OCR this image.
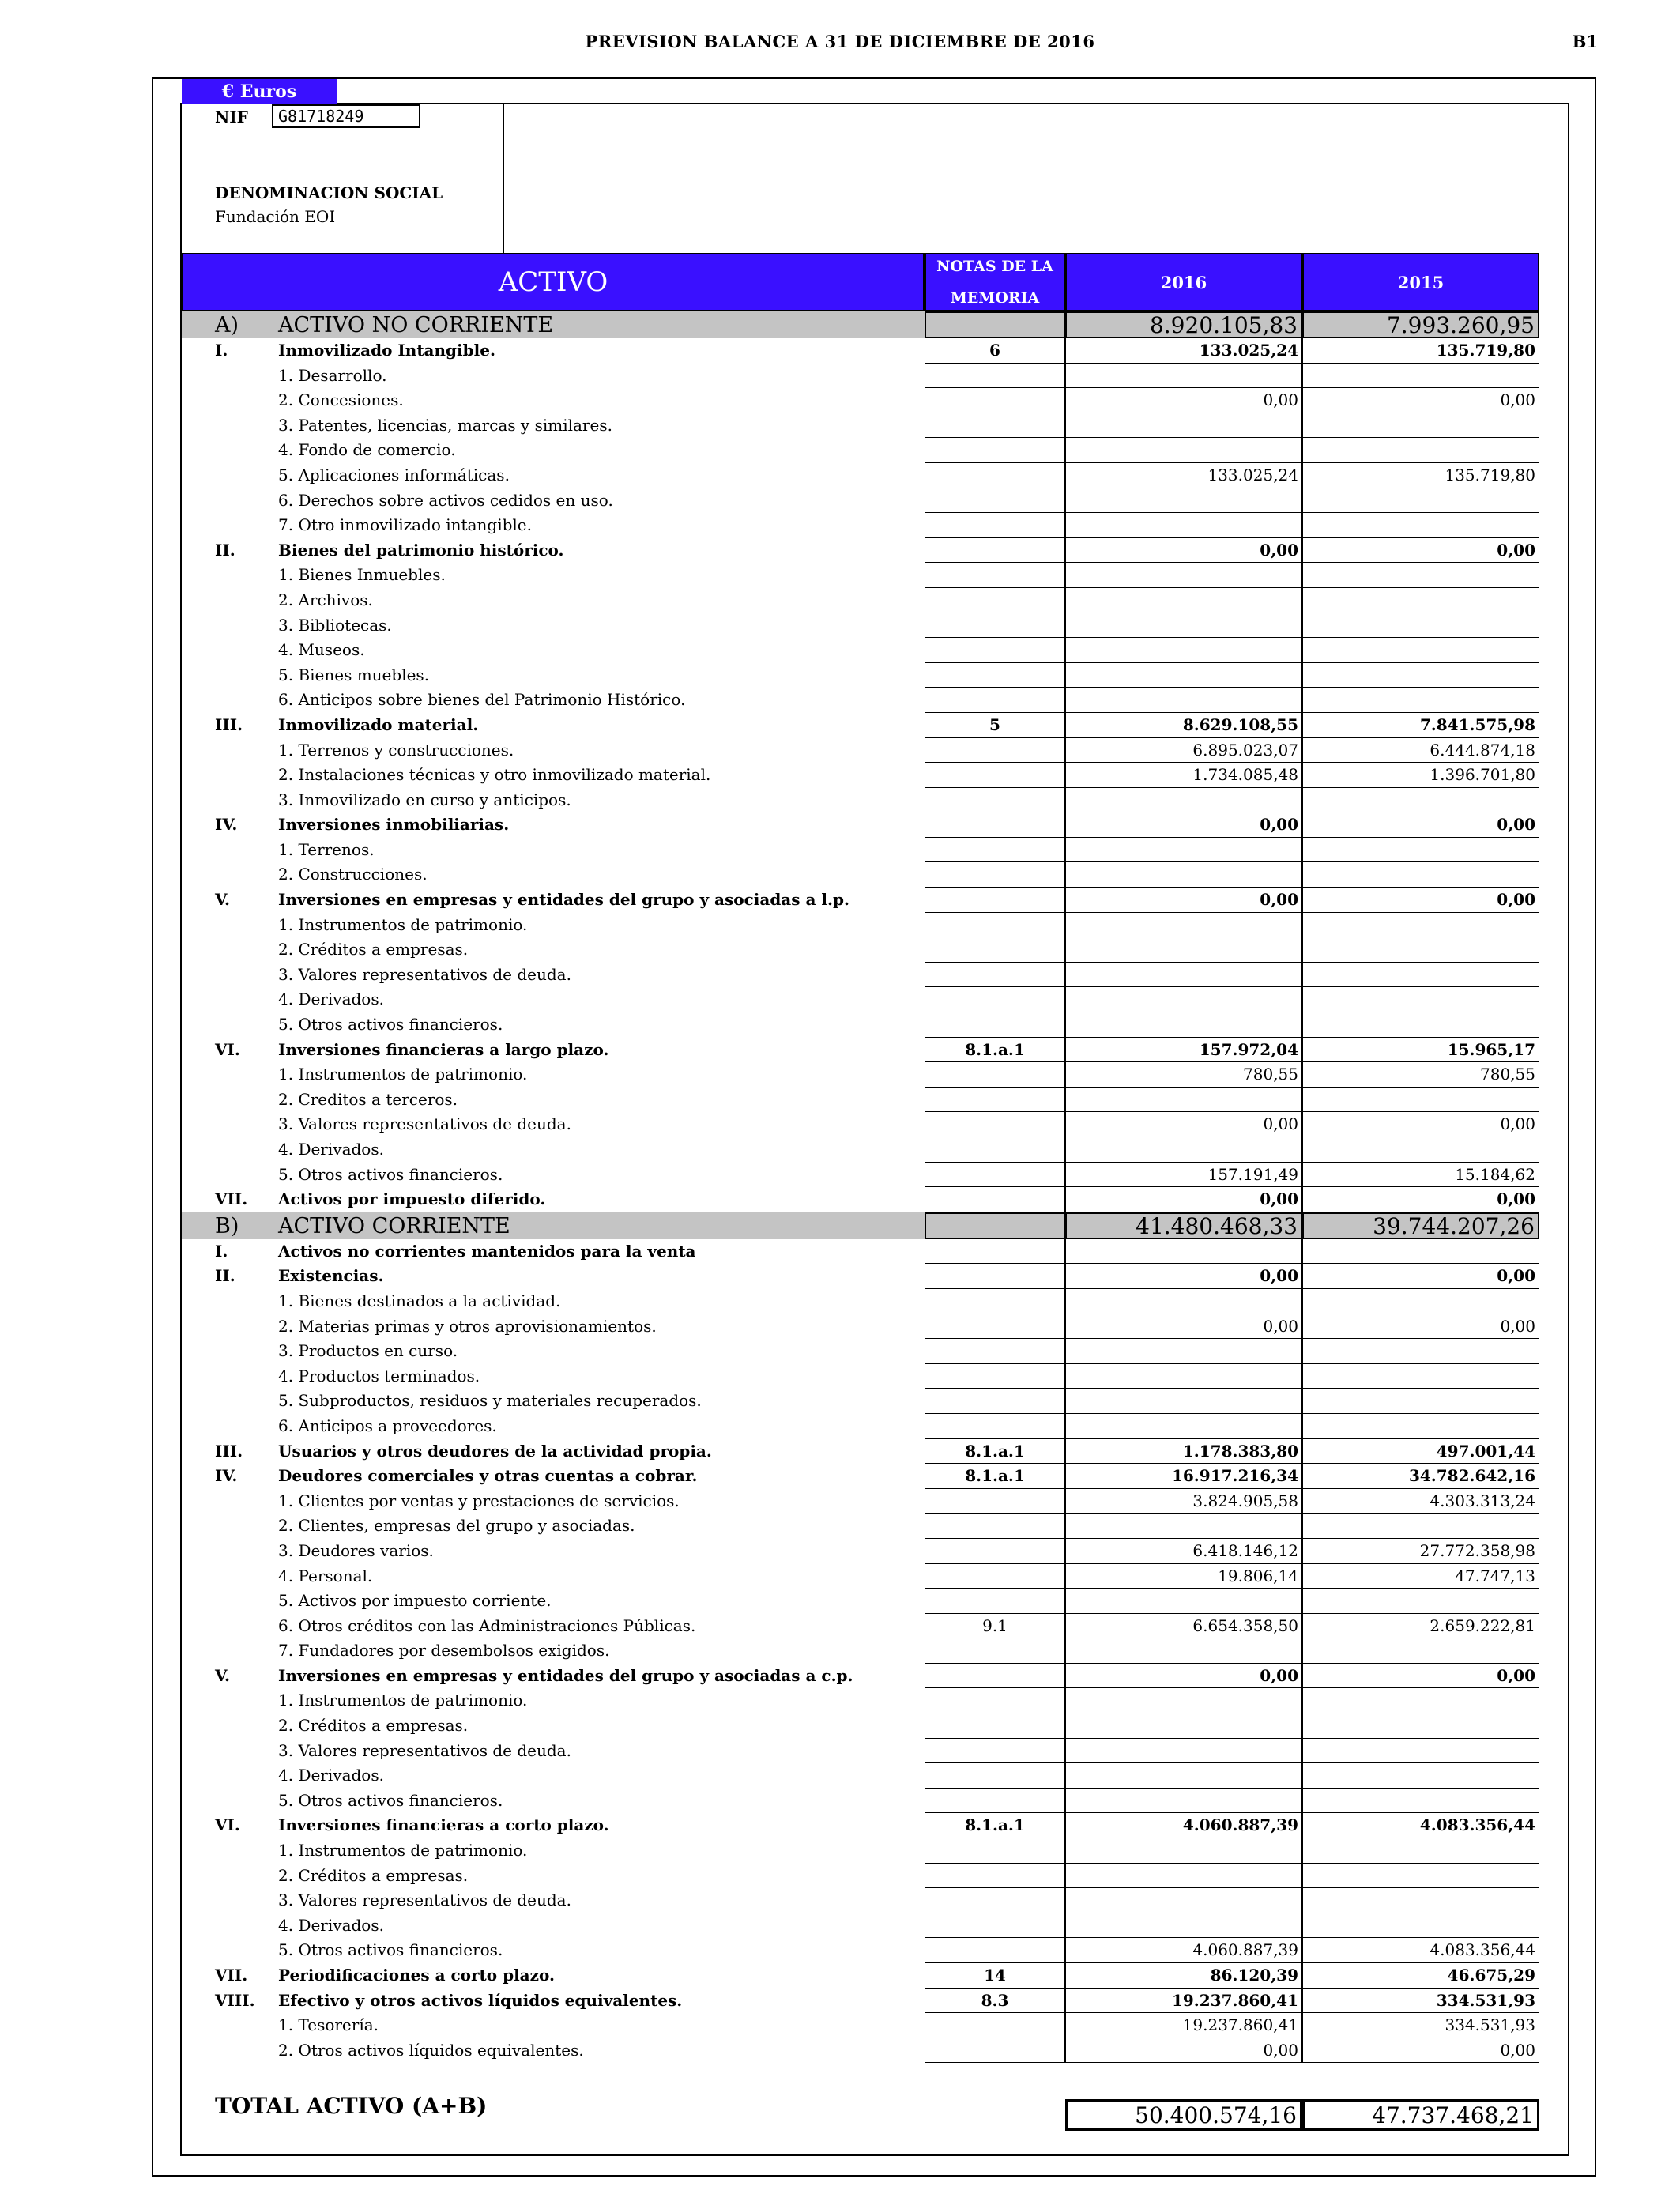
PREVISION BALANCE A 31 DE DICIEMBRE DE 2016	B1
€ Euros
NIF	G81718249
DENOMINACION SOCIAL
Fundación EOI
ACTIVO	NOTAS DE LA MEMORIA
2016	2015
A) ACTIVO NO CORRIENTE	8.920.105,83	7.993.260,95
I.	Inmovilizado Intangible.	6	133.025,24	135.719,80
1. Desarrollo.
2. Concesiones.	0,00	0,00
3. Patentes, licencias, marcas y similares.
4. Fondo de comercio.
5. Aplicaciones informáticas.	133.025,24	135.719,80
6. Derechos sobre activos cedidos en uso.
7. Otro inmovilizado intangible.
II.	Bienes del patrimonio histórico.	0,00	0,00
1. Bienes Inmuebles.
2. Archivos.
3. Bibliotecas.
4. Museos.
5. Bienes muebles.
6. Anticipos sobre bienes del Patrimonio Histórico.
III. Inmovilizado material.	5	8.629.108,55	7.841.575,98
1. Terrenos y construcciones.	6.895.023,07	6.444.874,18
2. Instalaciones técnicas y otro inmovilizado material.	1.734.085,48	1.396.701,80
3. Inmovilizado en curso y anticipos.
IV.	Inversiones inmobiliarias.	0,00	0,00
1. Terrenos.
2. Construcciones.
V.	Inversiones en empresas y entidades del grupo y asociadas a l.p.	0,00	0,00
1. Instrumentos de patrimonio.
2. Créditos a empresas.
3. Valores representativos de deuda.
4. Derivados.
5. Otros activos financieros.
VI. Inversiones financieras a largo plazo.	8.1.a.1	157.972,04	15.965,17
1. Instrumentos de patrimonio.	780,55	780,55
2. Creditos a terceros.
3. Valores representativos de deuda.	0,00	0,00
4. Derivados.
5. Otros activos financieros.	157.191,49	15.184,62
VII. Activos por impuesto diferido.	0,00	0,00
B) ACTIVO CORRIENTE	41.480.468,33	39.744.207,26
I.	Activos no corrientes mantenidos para la venta
II.	Existencias.	0,00	0,00
1. Bienes destinados a la actividad.
2. Materias primas y otros aprovisionamientos.	0,00	0,00
3. Productos en curso.
4. Productos terminados.
5. Subproductos, residuos y materiales recuperados.
6. Anticipos a proveedores.
III. Usuarios y otros deudores de la actividad propia.	8.1.a.1	1.178.383,80	497.001,44
IV.	Deudores comerciales y otras cuentas a cobrar.	8.1.a.1	16.917.216,34	34.782.642,16
1. Clientes por ventas y prestaciones de servicios.	3.824.905,58	4.303.313,24
2. Clientes, empresas del grupo y asociadas.
3. Deudores varios.	6.418.146,12	27.772.358,98
4. Personal.	19.806,14	47.747,13
5. Activos por impuesto corriente.
6. Otros créditos con las Administraciones Públicas.	9.1	6.654.358,50	2.659.222,81
7. Fundadores por desembolsos exigidos.
V.	Inversiones en empresas y entidades del grupo y asociadas a c.p.	0,00	0,00
1. Instrumentos de patrimonio.
2. Créditos a empresas.
3. Valores representativos de deuda.
4. Derivados.
5. Otros activos financieros.
VI. Inversiones financieras a corto plazo.	8.1.a.1	4.060.887,39	4.083.356,44
1. Instrumentos de patrimonio.
2. Créditos a empresas.
3. Valores representativos de deuda.
4. Derivados.
5. Otros activos financieros.	4.060.887,39	4.083.356,44
VII. Periodificaciones a corto plazo.	14	86.120,39	46.675,29
VIII. Efectivo y otros activos líquidos equivalentes.	8.3	19.237.860,41	334.531,93
1. Tesorería.	19.237.860,41	334.531,93
2. Otros activos líquidos equivalentes.	0,00	0,00
TOTAL ACTIVO (A+B)	50.400.574,16	47.737.468,21
